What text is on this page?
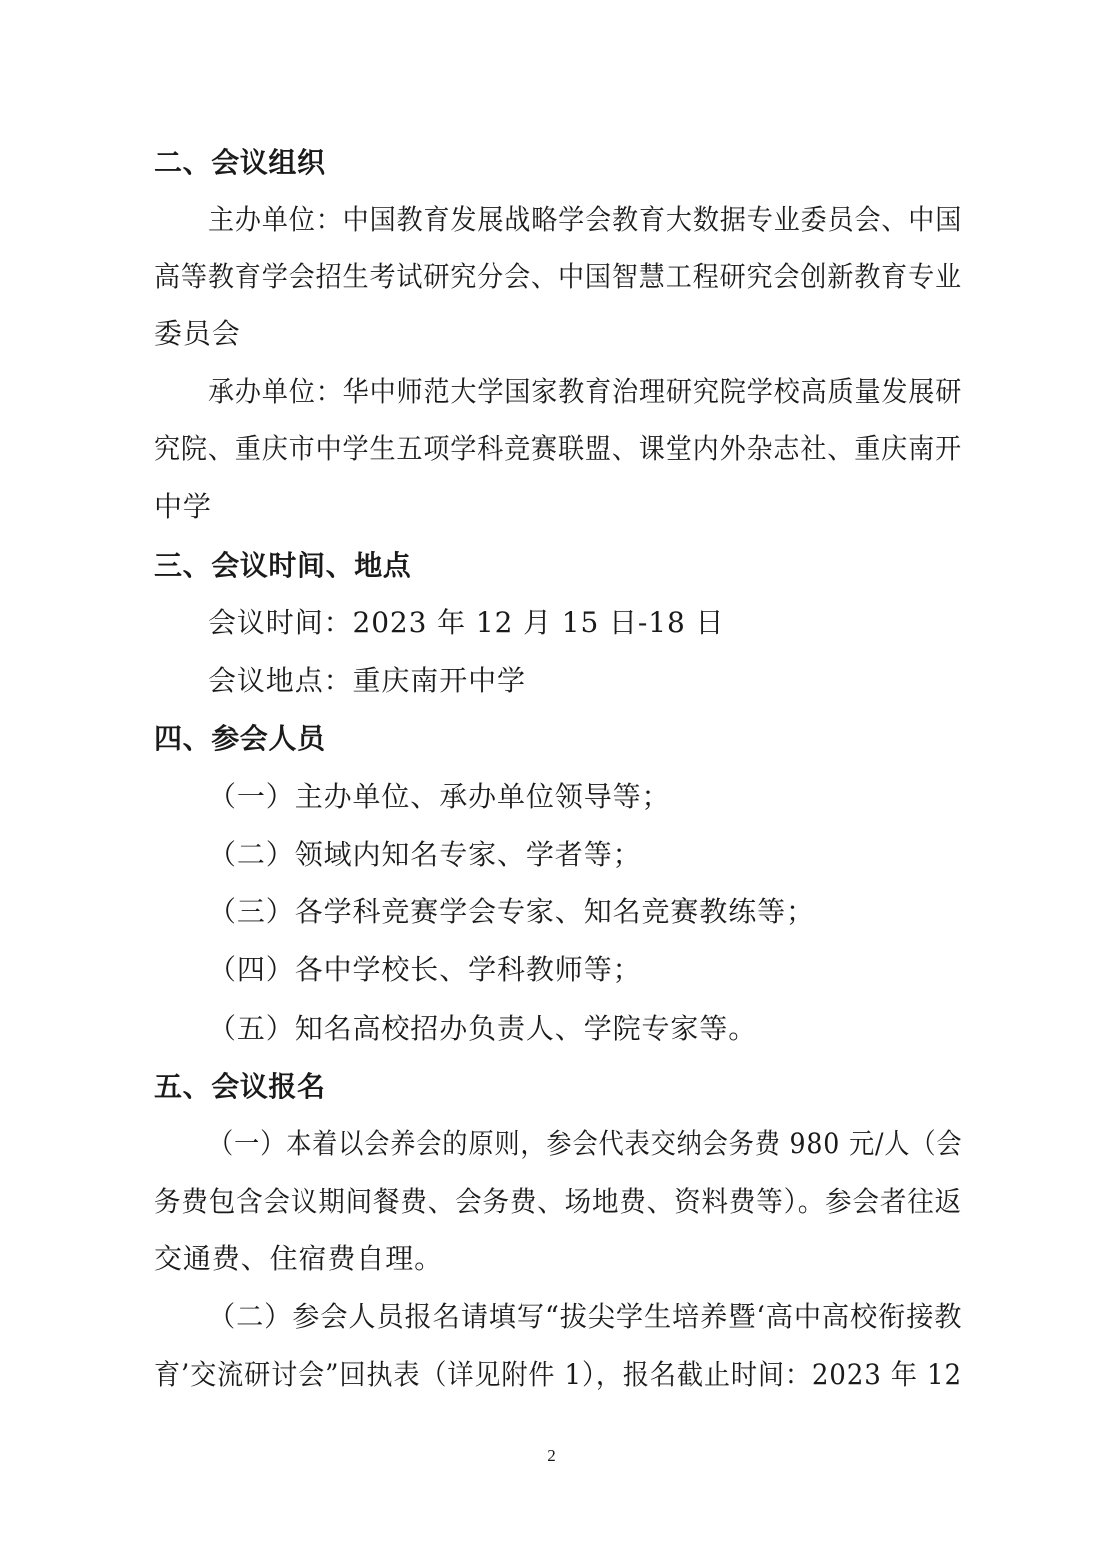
二、会议组织
主办单位：中国教育发展战略学会教育大数据专业委员会、中国
高等教育学会招生考试研究分会、中国智慧工程研究会创新教育专业
委员会
承办单位：华中师范大学国家教育治理研究院学校高质量发展研
究院、重庆市中学生五项学科竞赛联盟、课堂内外杂志社、重庆南开
中学
三、会议时间、地点
会议时间：2023 年 12 月 15 日-18 日
会议地点：重庆南开中学
四、参会人员
（一）主办单位、承办单位领导等；
（二）领域内知名专家、学者等；
（三）各学科竞赛学会专家、知名竞赛教练等；
（四）各中学校长、学科教师等；
（五）知名高校招办负责人、学院专家等。
五、会议报名
（一）本着以会养会的原则，参会代表交纳会务费 980 元/人（会
务费包含会议期间餐费、会务费、场地费、资料费等）。参会者往返
交通费、住宿费自理。
（二）参会人员报名请填写“拔尖学生培养暨‘高中高校衔接教
育’交流研讨会”回执表（详见附件 1），报名截止时间：2023 年 12
2
